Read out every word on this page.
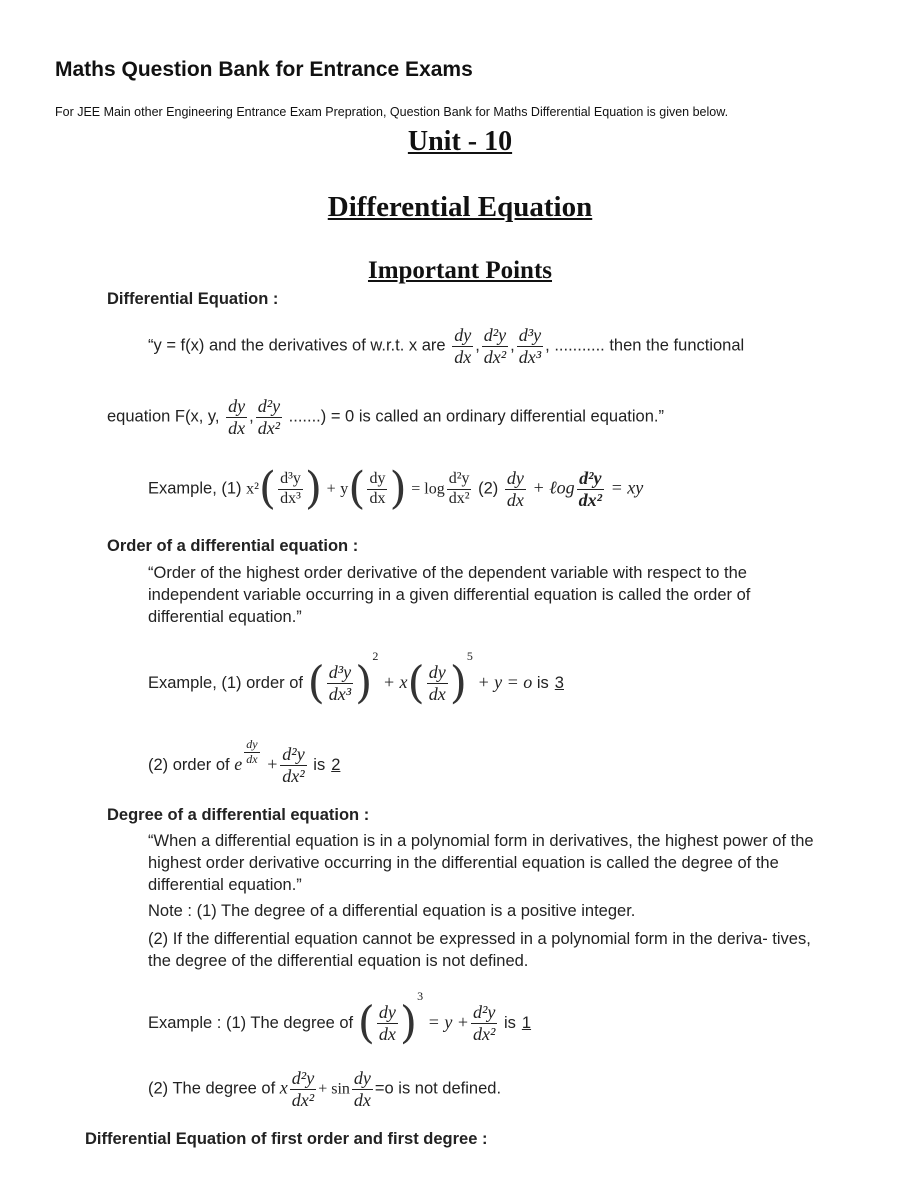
Maths Question Bank for Entrance Exams
For JEE Main other Engineering Entrance Exam Prepration, Question Bank for Maths Differential Equation is given below.
Unit - 10
Differential Equation
Important Points
Differential Equation :
“y = f(x) and the derivatives of w.r.t. x are $\frac{dy}{dx}$ , $\frac{\text{d²y}}{\text{dx²}}$ , $\frac{\text{d³y}}{\text{dx³}}$ , ........... then the functional
equation F(x, y, $\frac{dy}{dx}$ , $\frac{\text{d²y}}{\text{dx²}}$ .......) = 0 is called an ordinary differential equation.”
Example, (1) $x^2( \frac{\text{d³y}}{\text{dx³}}$ ) + $y( \frac{dy}{dx}$ ) = $\log \frac{\text{d²y}}{\text{dx²}} (2) \frac{dy}{dx}$ + ℓog $\frac{\text{d²y}}{\text{dx²}}$ = xy
Order of a differential equation :
“Order of the highest order derivative of the dependent variable with respect to the independent variable occurring in a given differential equation is called the order of differential equation.”
Example, (1) order of ( $\frac{\text{d³y}}{\text{dx³}} )^2 + x( \frac{dy}{dx} )^5 + y = o$ is 3
(2) order of e $\frac{dy}{dx} + \frac{\text{d²y}}{\text{dx²}}$ is 2
Degree of a differential equation :
“When a differential equation is in a polynomial form in derivatives, the highest power of the highest order derivative occurring in the differential equation is called the degree of the differential equation.”
Note : (1) The degree of a differential equation is a positive integer.
(2) If the differential equation cannot be expressed in a polynomial form in the deriva- tives, the degree of the differential equation is not defined.
Example : (1) The degree of ( $\frac{dy}{dx} )^3 = y + \frac{\text{d²y}}{\text{dx²}}$ is 1
(2) The degree of x $\frac{\text{d²y}}{\text{dx²}} + \sin \frac{dy}{dx} =o$ is not defined.
Differential Equation of first order and first degree :
